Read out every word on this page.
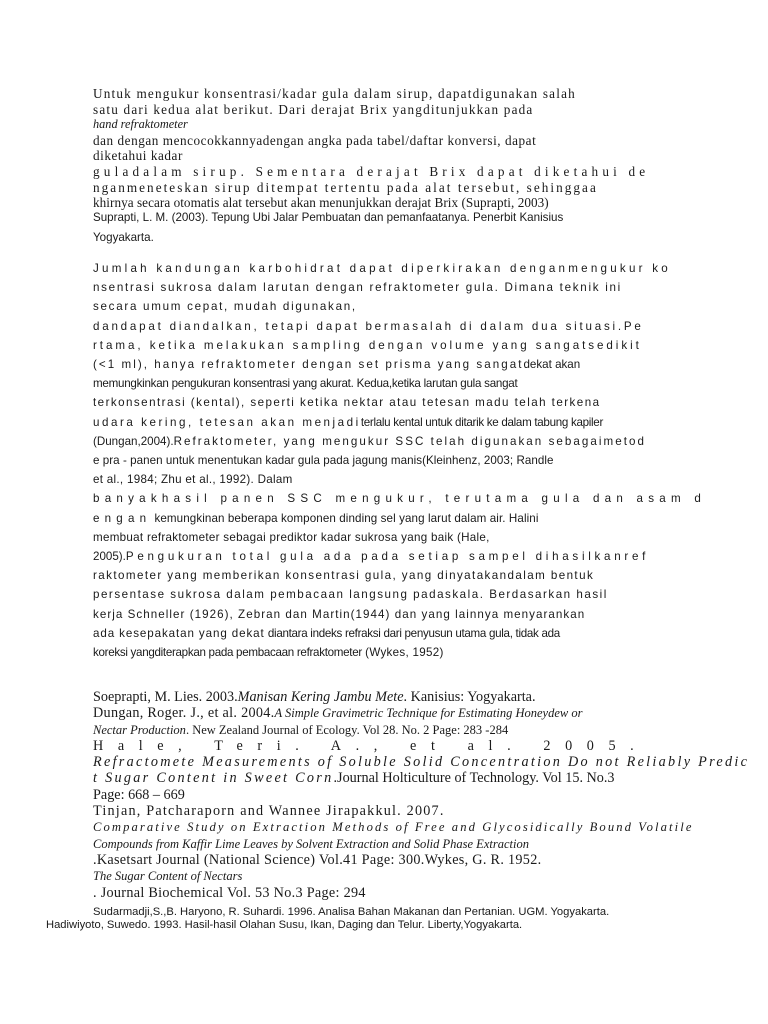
Untuk mengukur konsentrasi/kadar gula dalam sirup, dapatdigunakan salah
satu dari kedua alat berikut. Dari derajat Brix yangditunjukkan pada
hand refraktometer
dan dengan mencocokkannyadengan angka pada tabel/daftar konversi, dapat
diketahui kadar
guladalam sirup. Sementara derajat Brix dapat diketahui de
nganmeneteskan sirup ditempat tertentu pada alat tersebut, sehinggaa
khirnya secara otomatis alat tersebut akan menunjukkan derajat Brix (Suprapti, 2003)
Suprapti, L. M. (2003). Tepung Ubi Jalar Pembuatan dan pemanfaatanya. Penerbit Kanisius
Yogyakarta.
Jumlah kandungan karbohidrat dapat diperkirakan denganmengukur ko
nsentrasi sukrosa dalam larutan dengan refraktometer gula. Dimana teknik ini
secara umum cepat, mudah digunakan,
dandapat diandalkan, tetapi dapat bermasalah di dalam dua situasi.Pe
rtama, ketika melakukan sampling dengan volume yang sangatsedikit
(<1 ml), hanya refraktometer dengan set prisma yang sangatdekat akan
memungkinkan pengukuran konsentrasi yang akurat. Kedua,ketika larutan gula sangat
terkonsentrasi (kental), seperti ketika nektar atau tetesan madu telah terkena
udara kering, tetesan akan menjaditerlalu kental untuk ditarik ke dalam tabung kapiler
(Dungan,2004).Refraktometer, yang mengukur SSC telah digunakan sebagaimetod
e pra - panen untuk menentukan kadar gula pada jagung manis(Kleinhenz, 2003; Randle
et al., 1984; Zhu et al., 1992). Dalam
banyakhasil panen SSC mengukur, terutama gula dan asam d
engan kemungkinan beberapa komponen dinding sel yang larut dalam air. Halini
membuat refraktometer sebagai prediktor kadar sukrosa yang baik (Hale,
2005).Pengukuran total gula ada pada setiap sampel dihasilkanref
raktometer yang memberikan konsentrasi gula, yang dinyatakandalam bentuk
persentase sukrosa dalam pembacaan langsung padaskala. Berdasarkan hasil
kerja Schneller (1926), Zebran dan Martin(1944) dan yang lainnya menyarankan
ada kesepakatan yang dekat diantara indeks refraksi dari penyusun utama gula, tidak ada
koreksi yangditerapkan pada pembacaan refraktometer (Wykes, 1952)
Soeprapti, M. Lies. 2003.Manisan Kering Jambu Mete. Kanisius: Yogyakarta.
Dungan, Roger. J., et al. 2004.A Simple Gravimetric Technique for Estimating Honeydew or
Nectar Production. New Zealand Journal of Ecology. Vol 28. No. 2 Page: 283 -284
Hale, Teri. A., et al. 2005.
Refractomete Measurements of Soluble Solid Concentration Do not Reliably Predic
t Sugar Content in Sweet Corn.Journal Holticulture of Technology. Vol 15. No.3
Page: 668 – 669
Tinjan, Patcharaporn and Wannee Jirapakkul. 2007.
Comparative Study on Extraction Methods of Free and Glycosidically Bound Volatile
Compounds from Kaffir Lime Leaves by Solvent Extraction and Solid Phase Extraction
.Kasetsart Journal (National Science) Vol.41 Page: 300.Wykes, G. R. 1952.
The Sugar Content of Nectars
. Journal Biochemical Vol. 53 No.3 Page: 294
Sudarmadji,S.,B. Haryono, R. Suhardi. 1996. Analisa Bahan Makanan dan Pertanian. UGM. Yogyakarta.
Hadiwiyoto, Suwedo. 1993. Hasil-hasil Olahan Susu, Ikan, Daging dan Telur. Liberty,Yogyakarta.
